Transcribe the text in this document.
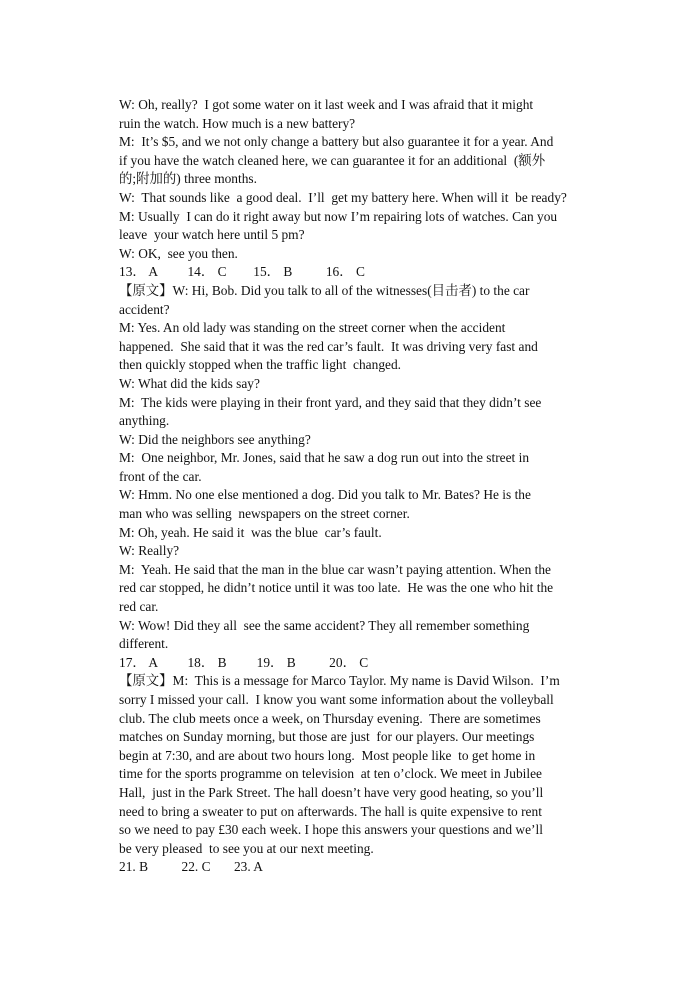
W: Oh, really?  I got some water on it last week and I was afraid that it might
ruin the watch. How much is a new battery?
M:  It’s $5, and we not only change a battery but also guarantee it for a year. And
if you have the watch cleaned here, we can guarantee it for an additional  (额外
的;附加的) three months.
W:  That sounds like  a good deal.  I’ll  get my battery here. When will it  be ready?
M: Usually  I can do it right away but now I’m repairing lots of watches. Can you
leave  your watch here until 5 pm?
W: OK,  see you then.
13． A         14． C        15． B          16． C
【原文】W: Hi, Bob. Did you talk to all of the witnesses(目击者) to the car
accident?
M: Yes. An old lady was standing on the street corner when the accident
happened.  She said that it was the red car’s fault.  It was driving very fast and
then quickly stopped when the traffic light  changed.
W: What did the kids say?
M:  The kids were playing in their front yard, and they said that they didn’t see
anything.
W: Did the neighbors see anything?
M:  One neighbor, Mr. Jones, said that he saw a dog run out into the street in
front of the car.
W: Hmm. No one else mentioned a dog. Did you talk to Mr. Bates? He is the
man who was selling  newspapers on the street corner.
M: Oh, yeah. He said it  was the blue  car’s fault.
W: Really?
M:  Yeah. He said that the man in the blue car wasn’t paying attention. When the
red car stopped, he didn’t notice until it was too late.  He was the one who hit the
red car.
W: Wow! Did they all  see the same accident? They all remember something
different.
17． A         18． B         19． B          20． C
【原文】M:  This is a message for Marco Taylor. My name is David Wilson.  I’m
sorry I missed your call.  I know you want some information about the volleyball
club. The club meets once a week, on Thursday evening.  There are sometimes
matches on Sunday morning, but those are just  for our players. Our meetings
begin at 7:30, and are about two hours long.  Most people like  to get home in
time for the sports programme on television  at ten o’clock. We meet in Jubilee
Hall,  just in the Park Street. The hall doesn’t have very good heating, so you’ll
need to bring a sweater to put on afterwards. The hall is quite expensive to rent
so we need to pay £30 each week. I hope this answers your questions and we’ll
be very pleased  to see you at our next meeting.
21. B          22. C       23. A
